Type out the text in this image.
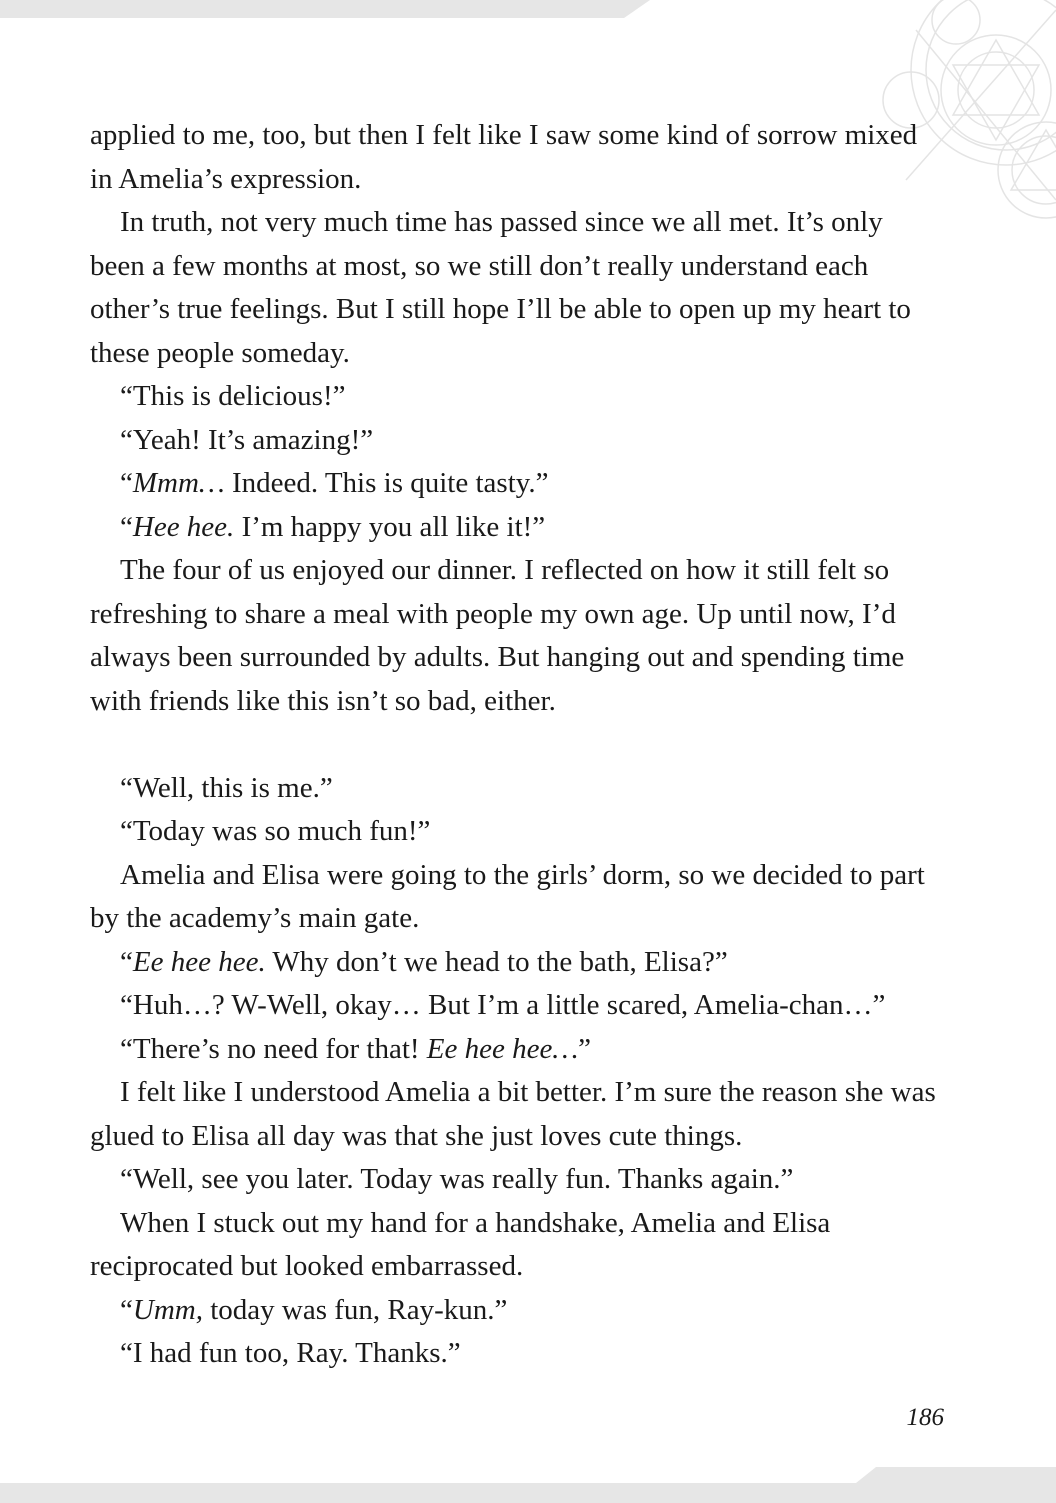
applied to me, too, but then I felt like I saw some kind of sorrow mixed in Amelia’s expression.

In truth, not very much time has passed since we all met. It’s only been a few months at most, so we still don’t really understand each other’s true feelings. But I still hope I’ll be able to open up my heart to these people someday.

“This is delicious!”

“Yeah! It’s amazing!”

“Mmm… Indeed. This is quite tasty.”

“Hee hee. I’m happy you all like it!”

The four of us enjoyed our dinner. I reflected on how it still felt so refreshing to share a meal with people my own age. Up until now, I’d always been surrounded by adults. But hanging out and spending time with friends like this isn’t so bad, either.

“Well, this is me.”

“Today was so much fun!”

Amelia and Elisa were going to the girls’ dorm, so we decided to part by the academy’s main gate.

“Ee hee hee. Why don’t we head to the bath, Elisa?”

“Huh…? W-Well, okay… But I’m a little scared, Amelia-chan…”

“There’s no need for that! Ee hee hee…”

I felt like I understood Amelia a bit better. I’m sure the reason she was glued to Elisa all day was that she just loves cute things.

“Well, see you later. Today was really fun. Thanks again.”

When I stuck out my hand for a handshake, Amelia and Elisa reciprocated but looked embarrassed.

“Umm, today was fun, Ray-kun.”

“I had fun too, Ray. Thanks.”

186
